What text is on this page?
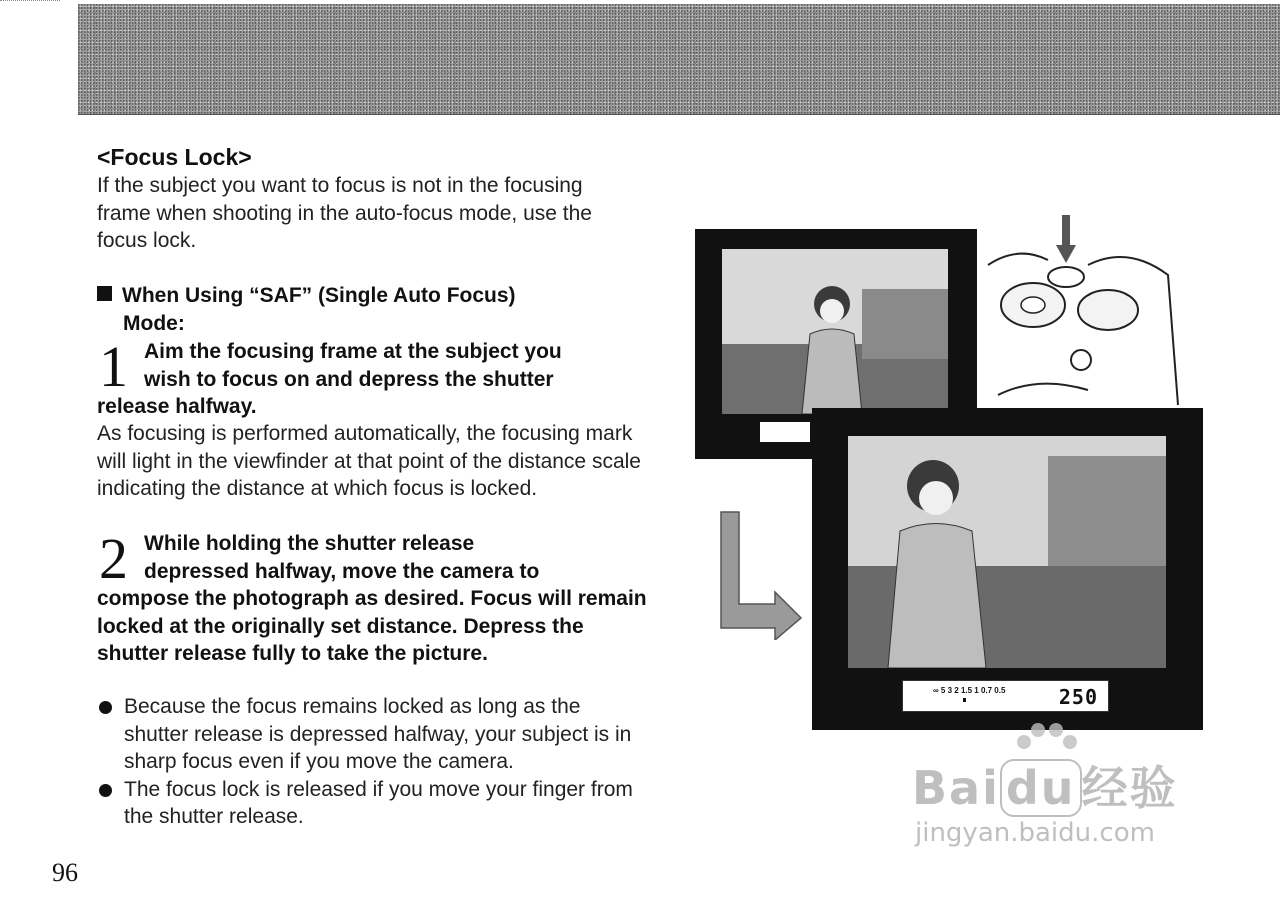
<Focus Lock>
If the subject you want to focus is not in the focusing frame when shooting in the auto-focus mode, use the focus lock.
When Using “SAF” (Single Auto Focus)
Mode:
1 Aim the focusing frame at the subject you
wish to focus on and depress the shutter
release halfway.
As focusing is performed automatically, the focusing mark will light in the viewfinder at that point of the distance scale indicating the distance at which focus is locked.
2 While holding the shutter release
depressed halfway, move the camera to
compose the photograph as desired. Focus will remain locked at the originally set distance. Depress the shutter release fully to take the picture.
Because the focus remains locked as long as the shutter release is depressed halfway, your subject is in sharp focus even if you move the camera.
The focus lock is released if you move your finger from the shutter release.
96
∞ 5 3 2 1.5 1 0.7 0.5	250
Bai du 经验
jingyan.baidu.com
